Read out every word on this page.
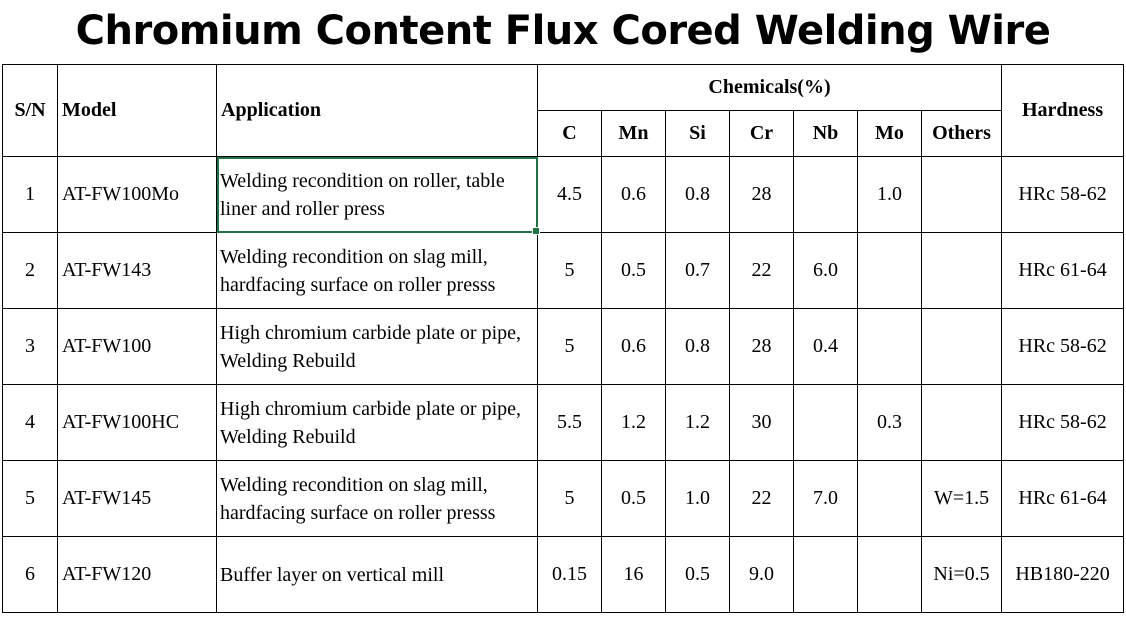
Chromium Content Flux Cored Welding Wire
S/N	Model	Application	Chemicals(%)							Hardness
			C	Mn	Si	Cr	Nb	Mo	Others	
1	AT-FW100Mo	Welding recondition on roller, table liner and roller press	4.5	0.6	0.8	28		1.0		HRc 58-62
2	AT-FW143	Welding recondition on slag mill, hardfacing surface on roller presss	5	0.5	0.7	22	6.0			HRc 61-64
3	AT-FW100	High chromium carbide plate or pipe, Welding Rebuild	5	0.6	0.8	28	0.4			HRc 58-62
4	AT-FW100HC	High chromium carbide plate or pipe, Welding Rebuild	5.5	1.2	1.2	30		0.3		HRc 58-62
5	AT-FW145	Welding recondition on slag mill, hardfacing surface on roller presss	5	0.5	1.0	22	7.0		W=1.5	HRc 61-64
6	AT-FW120	Buffer layer on vertical mill	0.15	16	0.5	9.0			Ni=0.5	HB180-220
